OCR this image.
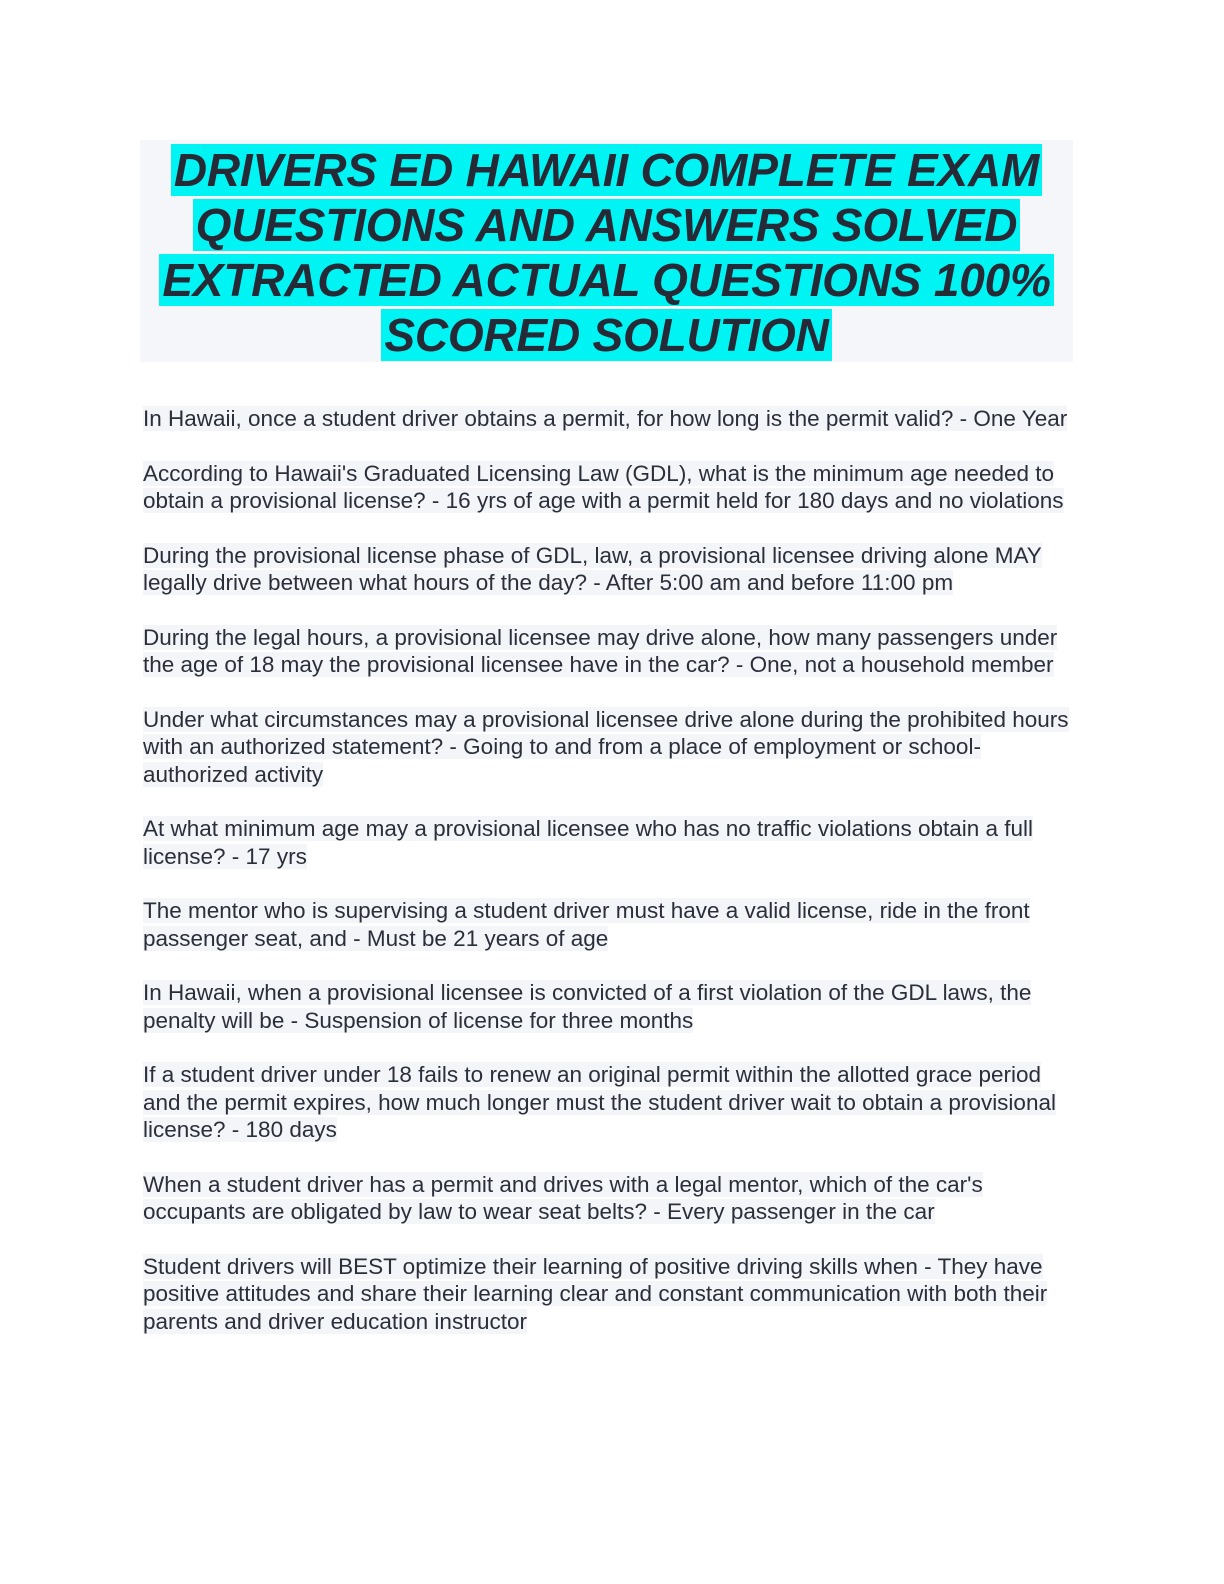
DRIVERS ED HAWAII COMPLETE EXAM
QUESTIONS AND ANSWERS SOLVED
EXTRACTED ACTUAL QUESTIONS 100%
SCORED SOLUTION

In Hawaii, once a student driver obtains a permit, for how long is the permit valid? - One Year

According to Hawaii's Graduated Licensing Law (GDL), what is the minimum age needed to obtain a provisional license? - 16 yrs of age with a permit held for 180 days and no violations

During the provisional license phase of GDL, law, a provisional licensee driving alone MAY legally drive between what hours of the day? - After 5:00 am and before 11:00 pm

During the legal hours, a provisional licensee may drive alone, how many passengers under the age of 18 may the provisional licensee have in the car? - One, not a household member

Under what circumstances may a provisional licensee drive alone during the prohibited hours with an authorized statement? - Going to and from a place of employment or school-authorized activity

At what minimum age may a provisional licensee who has no traffic violations obtain a full license? - 17 yrs

The mentor who is supervising a student driver must have a valid license, ride in the front passenger seat, and - Must be 21 years of age

In Hawaii, when a provisional licensee is convicted of a first violation of the GDL laws, the penalty will be - Suspension of license for three months

If a student driver under 18 fails to renew an original permit within the allotted grace period and the permit expires, how much longer must the student driver wait to obtain a provisional license? - 180 days

When a student driver has a permit and drives with a legal mentor, which of the car's occupants are obligated by law to wear seat belts? - Every passenger in the car

Student drivers will BEST optimize their learning of positive driving skills when - They have positive attitudes and share their learning clear and constant communication with both their parents and driver education instructor
